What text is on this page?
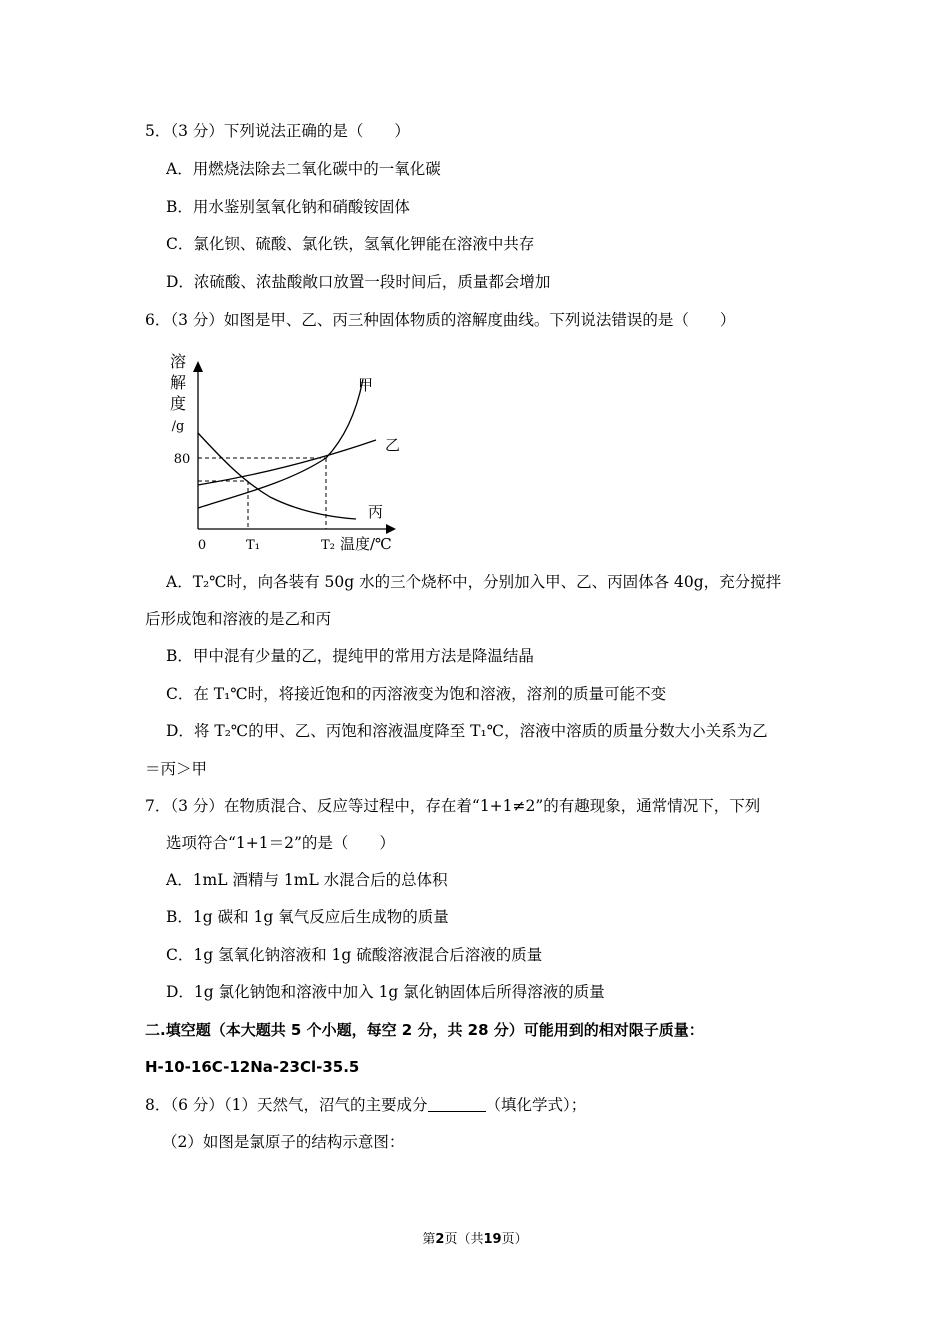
5．（3 分）下列说法正确的是（　　）
A．用燃烧法除去二氧化碳中的一氧化碳
B．用水鉴别氢氧化钠和硝酸铵固体
C．氯化钡、硫酸、氯化铁，氢氧化钾能在溶液中共存
D．浓硫酸、浓盐酸敞口放置一段时间后，质量都会增加
6．（3 分）如图是甲、乙、丙三种固体物质的溶解度曲线。下列说法错误的是（　　）
溶解度/g
80
甲
乙
丙
0	T₁	T₂ 温度/℃
A．T₂℃时，向各装有 50g 水的三个烧杯中，分别加入甲、乙、丙固体各 40g，充分搅拌
后形成饱和溶液的是乙和丙
B．甲中混有少量的乙，提纯甲的常用方法是降温结晶
C．在 T₁℃时，将接近饱和的丙溶液变为饱和溶液，溶剂的质量可能不变
D．将 T₂℃的甲、乙、丙饱和溶液温度降至 T₁℃，溶液中溶质的质量分数大小关系为乙
＝丙＞甲
7．（3 分）在物质混合、反应等过程中，存在着“1+1≠2”的有趣现象，通常情况下，下列
选项符合“1+1＝2”的是（　　）
A．1mL 酒精与 1mL 水混合后的总体积
B．1g 碳和 1g 氧气反应后生成物的质量
C．1g 氢氧化钠溶液和 1g 硫酸溶液混合后溶液的质量
D．1g 氯化钠饱和溶液中加入 1g 氯化钠固体后所得溶液的质量
二.填空题（本大题共 5 个小题，每空 2 分，共 28 分）可能用到的相对限子质量：
H-10-16C-12Na-23Cl-35.5
8．（6 分）（1）天然气，沼气的主要成分	（填化学式）；
（2）如图是氯原子的结构示意图：
第2页（共19页）
